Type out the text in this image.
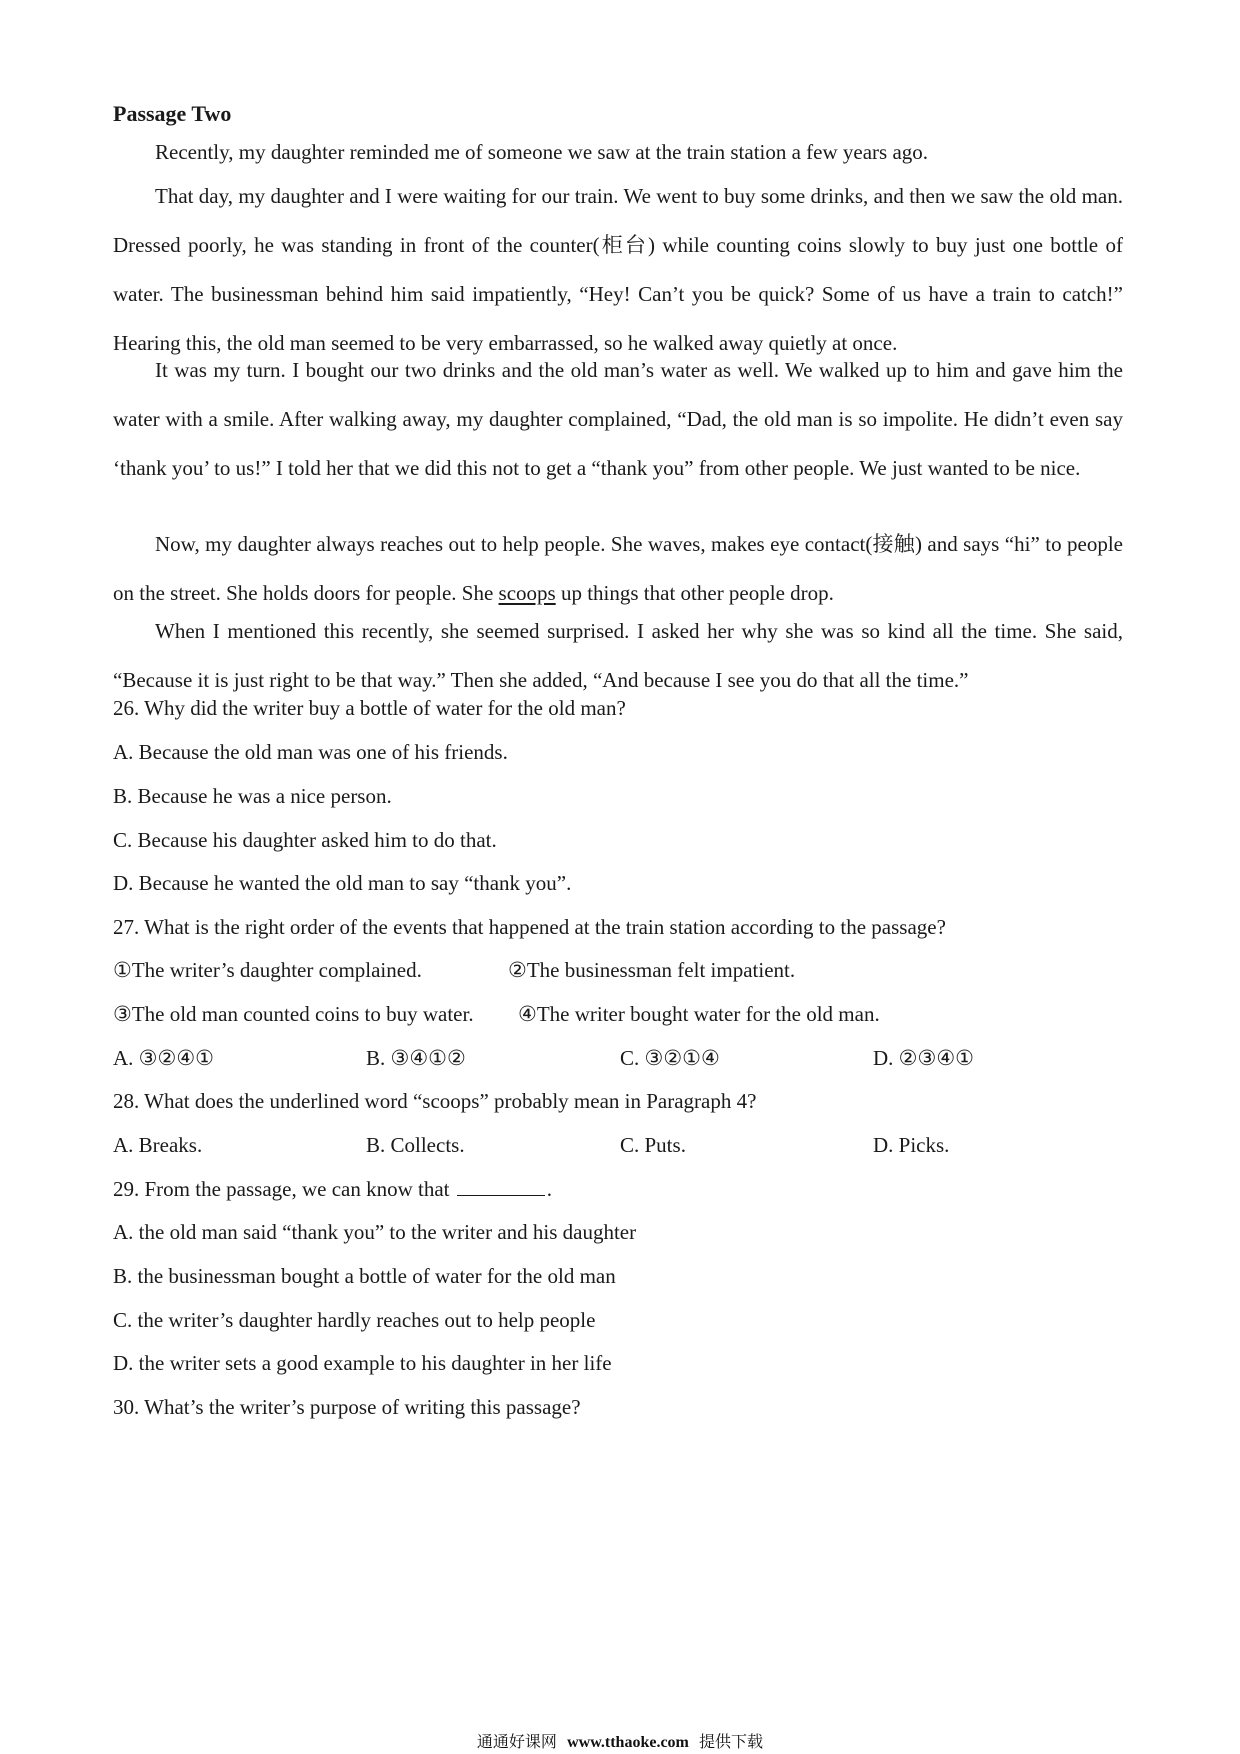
Passage Two
Recently, my daughter reminded me of someone we saw at the train station a few years ago.
That day, my daughter and I were waiting for our train. We went to buy some drinks, and then we saw the old man. Dressed poorly, he was standing in front of the counter(柜台) while counting coins slowly to buy just one bottle of water. The businessman behind him said impatiently, “Hey! Can’t you be quick? Some of us have a train to catch!” Hearing this, the old man seemed to be very embarrassed, so he walked away quietly at once.
It was my turn. I bought our two drinks and the old man’s water as well. We walked up to him and gave him the water with a smile. After walking away, my daughter complained, “Dad, the old man is so impolite. He didn’t even say ‘thank you’ to us!” I told her that we did this not to get a “thank you” from other people. We just wanted to be nice.
Now, my daughter always reaches out to help people. She waves, makes eye contact(接触) and says “hi” to people on the street. She holds doors for people. She scoops up things that other people drop.
When I mentioned this recently, she seemed surprised. I asked her why she was so kind all the time. She said, “Because it is just right to be that way.” Then she added, “And because I see you do that all the time.”
26. Why did the writer buy a bottle of water for the old man?
A. Because the old man was one of his friends.
B. Because he was a nice person.
C. Because his daughter asked him to do that.
D. Because he wanted the old man to say “thank you”.
27. What is the right order of the events that happened at the train station according to the passage?
①The writer’s daughter complained.	②The businessman felt impatient.
③The old man counted coins to buy water. ④The writer bought water for the old man.
A. ③②④①	B. ③④①②	C. ③②①④	D. ②③④①
28. What does the underlined word “scoops” probably mean in Paragraph 4?
A. Breaks.	B. Collects.	C. Puts.	D. Picks.
29. From the passage, we can know that	.
A. the old man said “thank you” to the writer and his daughter
B. the businessman bought a bottle of water for the old man
C. the writer’s daughter hardly reaches out to help people
D. the writer sets a good example to his daughter in her life
30. What’s the writer’s purpose of writing this passage?
通通好课网 www.tthaoke.com 提供下载
